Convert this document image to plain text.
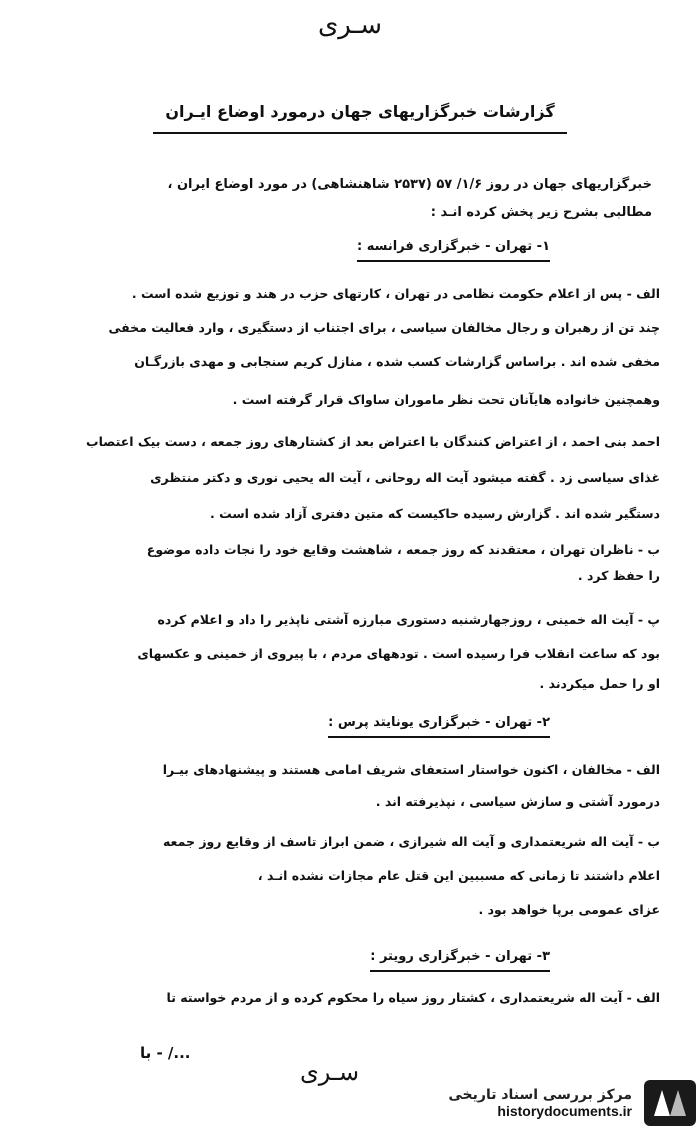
سـرى
گزارشات خبرگزاریهای جهان درمورد اوضاع ایـران
خبرگزاریهای جهان در روز ۱/۶/ ۵۷ (۲۵۳۷ شاهنشاهی) در مورد اوضاع ایران ،
مطالبی بشرح زیر پخش کرده انـد :
۱- تهران - خبرگزاری فرانسه :
الف - پس از اعلام حکومت نظامی در تهران ، کارتهای حزب در هند و توزیع شده است .
چند تن از رهبران و رجال مخالفان سیاسی ، برای اجتناب از دستگیری ، وارد فعالیت مخفی
مخفی شده اند . براساس گزارشات کسب شده ، منازل کریم سنجابی و مهدی بازرگـان
وهمچنین خانواده هایآنان تحت نظر ماموران ساواک قرار گرفته است .
احمد بنی احمد ، از اعتراض کنندگان با اعتراض بعد از کشتارهای روز جمعه ، دست بیک اعتصاب
غذای سیاسی زد . گفته میشود آیت اله روحانی ، آیت اله یحیی نوری و دکتر منتظری
دستگیر شده اند . گزارش رسیده حاکیست که متین دفتری آزاد شده است .
ب - ناظران تهران ، معتقدند که روز جمعه ، شاهشت وقایع خود را نجات داده موضوع
را حفظ کرد .
پ - آیت اله خمینی ، روزجهارشنبه دستوری مبارزه آشتی ناپذیر را داد و اعلام کرده
بود که ساعت انقلاب فرا رسیده است . تودههای مردم ، با پیروی از خمینی و عکسهای
او را حمل میکردند .
۲- تهران - خبرگزاری یونایتد پرس :
الف - مخالفان ، اکنون خواستار استعفای شریف امامی هستند و پیشنهادهای بیـرا
درمورد آشتی و سازش سیاسی ، نپذیرفته اند .
ب - آیت اله شریعتمداری و آیت اله شیرازی ، ضمن ابراز تاسف از وقایع روز جمعه
اعلام داشتند تا زمانی که مسببین این قتل عام مجازات نشده انـد ،
عزای عمومی برپا خواهد بود .
۳- تهران - خبرگزاری رویتر :
الف - آیت اله شریعتمداری ، کشتار روز سیاه را محکوم کرده و از مردم خواسته تا
با - /...
سـرى
مرکز بررسی اسناد تاریخی
historydocuments.ir
